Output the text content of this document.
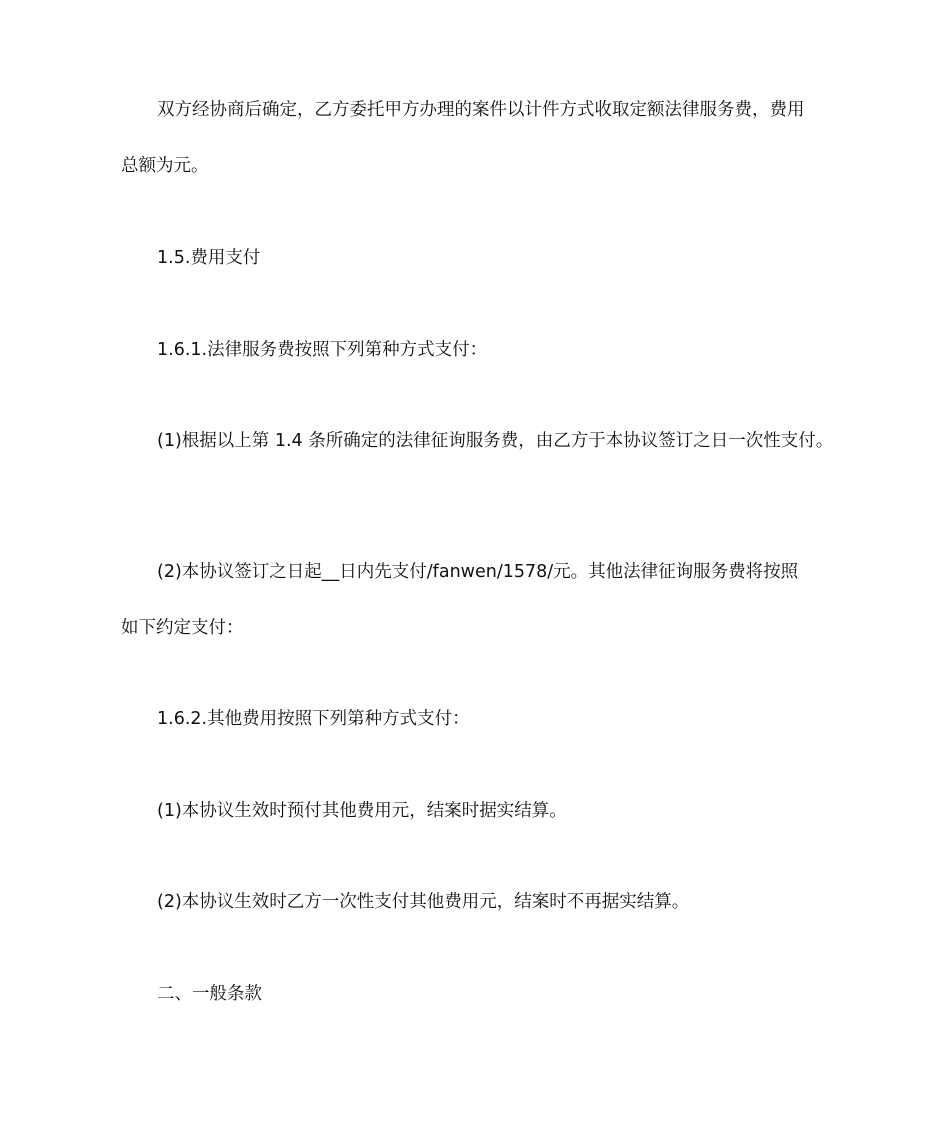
双方经协商后确定，乙方委托甲方办理的案件以计件方式收取定额法律服务费，费用

总额为元。

1.5.费用支付

1.6.1.法律服务费按照下列第种方式支付：

(1)根据以上第 1.4 条所确定的法律征询服务费，由乙方于本协议签订之日一次性支付。

(2)本协议签订之日起__日内先支付/fanwen/1578/元。其他法律征询服务费将按照

如下约定支付：

1.6.2.其他费用按照下列第种方式支付：

(1)本协议生效时预付其他费用元，结案时据实结算。

(2)本协议生效时乙方一次性支付其他费用元，结案时不再据实结算。

二、一般条款
